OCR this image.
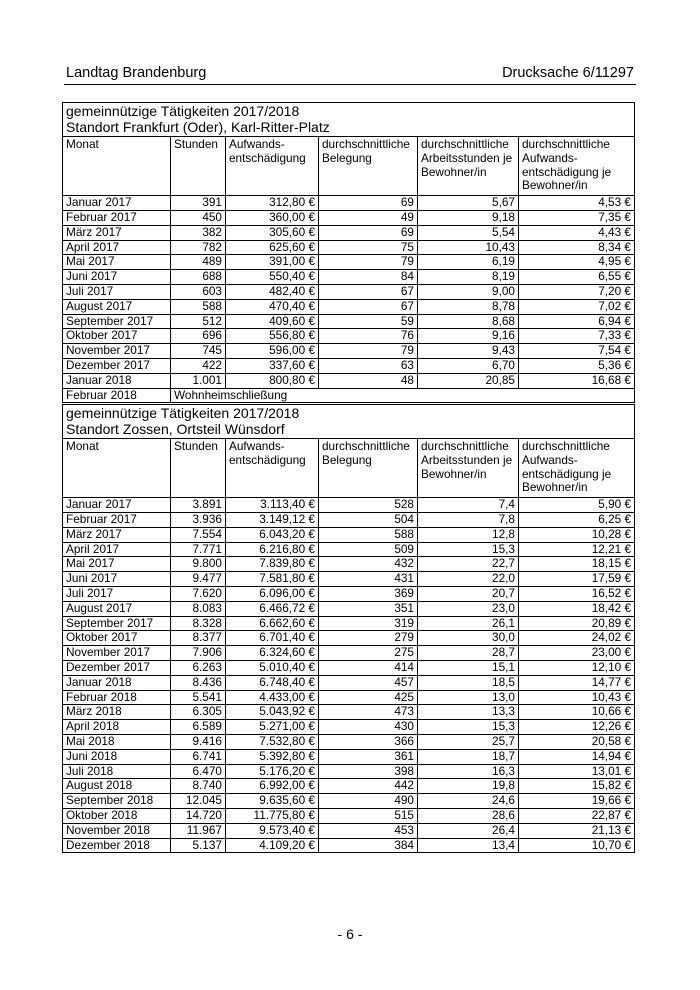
Landtag Brandenburg	Drucksache 6/11297
gemeinnützige Tätigkeiten 2017/2018
Standort Frankfurt (Oder), Karl-Ritter-Platz					

Monat	Stunden	Aufwands-entschädigung	durchschnittliche Belegung	durchschnittliche Arbeitsstunden je Bewohner/in	durchschnittliche Aufwands-entschädigung je Bewohner/in
Januar 2017	391	312,80 €	69	5,67	4,53 €
Februar 2017	450	360,00 €	49	9,18	7,35 €
März 2017	382	305,60 €	69	5,54	4,43 €
April 2017	782	625,60 €	75	10,43	8,34 €
Mai 2017	489	391,00 €	79	6,19	4,95 €
Juni 2017	688	550,40 €	84	8,19	6,55 €
Juli 2017	603	482,40 €	67	9,00	7,20 €
August 2017	588	470,40 €	67	8,78	7,02 €
September 2017	512	409,60 €	59	8,68	6,94 €
Oktober 2017	696	556,80 €	76	9,16	7,33 €
November 2017	745	596,00 €	79	9,43	7,54 €
Dezember 2017	422	337,60 €	63	6,70	5,36 €
Januar 2018	1.001	800,80 €	48	20,85	16,68 €
Februar 2018	Wohnheimschließung				
gemeinnützige Tätigkeiten 2017/2018
Standort Zossen, Ortsteil Wünsdorf					

Monat	Stunden	Aufwands-entschädigung	durchschnittliche Belegung	durchschnittliche Arbeitsstunden je Bewohner/in	durchschnittliche Aufwands-entschädigung je Bewohner/in
Januar 2017	3.891	3.113,40 €	528	7,4	5,90 €
Februar 2017	3.936	3.149,12 €	504	7,8	6,25 €
März 2017	7.554	6.043,20 €	588	12,8	10,28 €
April 2017	7.771	6.216,80 €	509	15,3	12,21 €
Mai 2017	9.800	7.839,80 €	432	22,7	18,15 €
Juni 2017	9.477	7.581,80 €	431	22,0	17,59 €
Juli 2017	7.620	6.096,00 €	369	20,7	16,52 €
August 2017	8.083	6.466,72 €	351	23,0	18,42 €
September 2017	8.328	6.662,60 €	319	26,1	20,89 €
Oktober 2017	8.377	6.701,40 €	279	30,0	24,02 €
November 2017	7.906	6.324,60 €	275	28,7	23,00 €
Dezember 2017	6.263	5.010,40 €	414	15,1	12,10 €
Januar 2018	8.436	6.748,40 €	457	18,5	14,77 €
Februar 2018	5.541	4.433,00 €	425	13,0	10,43 €
März 2018	6.305	5.043,92 €	473	13,3	10,66 €
April 2018	6.589	5.271,00 €	430	15,3	12,26 €
Mai 2018	9.416	7.532,80 €	366	25,7	20,58 €
Juni 2018	6.741	5.392,80 €	361	18,7	14,94 €
Juli 2018	6.470	5.176,20 €	398	16,3	13,01 €
August 2018	8.740	6.992,00 €	442	19,8	15,82 €
September 2018	12.045	9.635,60 €	490	24,6	19,66 €
Oktober 2018	14.720	11.775,80 €	515	28,6	22,87 €
November 2018	11.967	9.573,40 €	453	26,4	21,13 €
Dezember 2018	5.137	4.109,20 €	384	13,4	10,70 €
- 6 -
